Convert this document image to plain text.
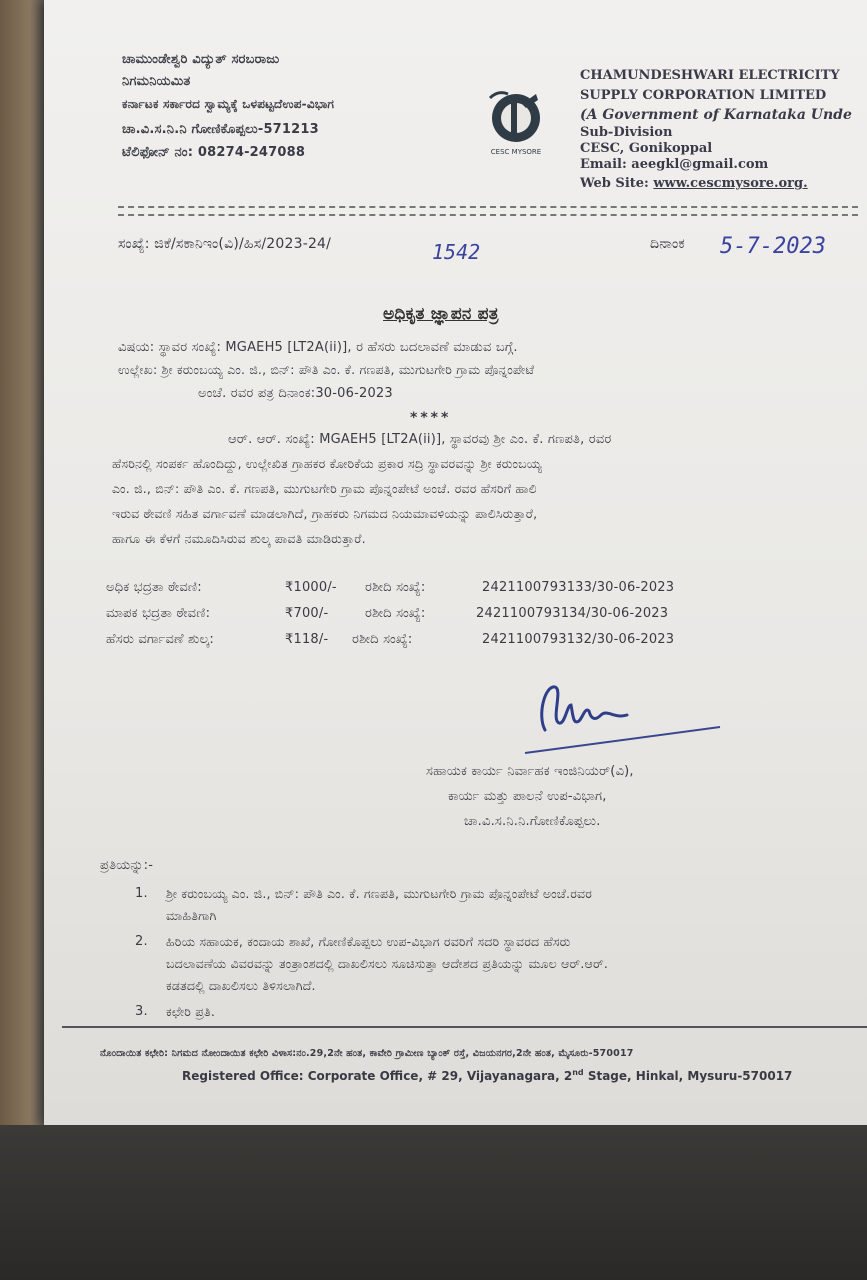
ಚಾಮುಂಡೇಶ್ವರಿ ವಿದ್ಯುತ್ ಸರಬರಾಜು
ನಿಗಮನಿಯಮಿತ
ಕರ್ನಾಟಕ ಸರ್ಕಾರದ ಸ್ವಾಮ್ಯಕ್ಕೆ ಒಳಪಟ್ಟದೆಉಪ-ವಿಭಾಗ
ಚಾ.ವಿ.ಸ.ನಿ.ನಿ ಗೋಣಿಕೊಪ್ಪಲು-571213
ಟೆಲಿಫೋನ್ ನಂ: 08274-247088	CESC MYSORE
CHAMUNDESHWARI ELECTRICITY
SUPPLY CORPORATION LIMITED
(A Government of Karnataka Unde
Sub-Division
CESC, Gonikoppal
Email: aeegkl@gmail.com
Web Site: www.cescmysore.org.
ಸಂಖ್ಯೆ: ಜಿಕೆ/ಸಕಾನಿಇಂ(ವಿ)/ಹಿಸ/2023-24/	1542	ದಿನಾಂಕ 5-7-2023
ಅಧಿಕೃತ ಜ್ಞಾಪನ ಪತ್ರ
ವಿಷಯ: ಸ್ಥಾವರ ಸಂಖ್ಯೆ: MGAEH5 [LT2A(ii)], ರ ಹೆಸರು ಬದಲಾವಣೆ ಮಾಡುವ ಬಗ್ಗೆ.
ಉಲ್ಲೇಖ: ಶ್ರೀ ಕರುಂಬಯ್ಯ ಎಂ. ಜಿ., ಬಿನ್: ಪೌತಿ ಎಂ. ಕೆ. ಗಣಪತಿ, ಮುಗುಟಗೇರಿ ಗ್ರಾಮ ಪೊನ್ನಂಪೇಟೆ
ಅಂಚೆ. ರವರ ಪತ್ರ ದಿನಾಂಕ:30-06-2023
****
ಆರ್. ಆರ್. ಸಂಖ್ಯೆ: MGAEH5 [LT2A(ii)], ಸ್ಥಾವರವು ಶ್ರೀ ಎಂ. ಕೆ. ಗಣಪತಿ, ರವರ
ಹೆಸರಿನಲ್ಲಿ ಸಂಪರ್ಕ ಹೊಂದಿದ್ದು, ಉಲ್ಲೇಖಿತ ಗ್ರಾಹಕರ ಕೋರಿಕೆಯ ಪ್ರಕಾರ ಸದ್ರಿ ಸ್ಥಾವರವನ್ನು ಶ್ರೀ ಕರುಂಬಯ್ಯ
ಎಂ. ಜಿ., ಬಿನ್: ಪೌತಿ ಎಂ. ಕೆ. ಗಣಪತಿ, ಮುಗುಟಗೇರಿ ಗ್ರಾಮ ಪೊನ್ನಂಪೇಟೆ ಅಂಚೆ. ರವರ ಹೆಸರಿಗೆ ಹಾಲಿ
ಇರುವ ಠೇವಣಿ ಸಹಿತ ವರ್ಗಾವಣೆ ಮಾಡಲಾಗಿದೆ, ಗ್ರಾಹಕರು ನಿಗಮದ ನಿಯಮಾವಳಿಯನ್ನು ಪಾಲಿಸಿರುತ್ತಾರೆ,
ಹಾಗೂ ಈ ಕೆಳಗೆ ನಮೂದಿಸಿರುವ ಶುಲ್ಕ ಪಾವತಿ ಮಾಡಿರುತ್ತಾರೆ.
ಅಧಿಕ ಭದ್ರತಾ ಠೇವಣಿ:	₹1000/- ರಶೀದಿ ಸಂಖ್ಯೆ:	2421100793133/30-06-2023
ಮಾಪಕ ಭದ್ರತಾ ಠೇವಣಿ:	₹700/-	ರಶೀದಿ ಸಂಖ್ಯೆ:	2421100793134/30-06-2023
ಹೆಸರು ವರ್ಗಾವಣೆ ಶುಲ್ಕ:	₹118/- ರಶೀದಿ ಸಂಖ್ಯೆ:	2421100793132/30-06-2023
ಸಹಾಯಕ ಕಾರ್ಯ ನಿರ್ವಾಹಕ ಇಂಜಿನಿಯರ್(ವಿ),
ಕಾರ್ಯ ಮತ್ತು ಪಾಲನೆ ಉಪ-ವಿಭಾಗ,
ಚಾ.ವಿ.ಸ.ನಿ.ನಿ.ಗೋಣಿಕೊಪ್ಪಲು.
ಪ್ರತಿಯನ್ನು:-
1. ಶ್ರೀ ಕರುಂಬಯ್ಯ ಎಂ. ಜಿ., ಬಿನ್: ಪೌತಿ ಎಂ. ಕೆ. ಗಣಪತಿ, ಮುಗುಟಗೇರಿ ಗ್ರಾಮ ಪೊನ್ನಂಪೇಟೆ ಅಂಚೆ.ರವರ
ಮಾಹಿತಿಗಾಗಿ
2. ಹಿರಿಯ ಸಹಾಯಕ, ಕಂದಾಯ ಶಾಖೆ, ಗೋಣಿಕೊಪ್ಪಲು ಉಪ-ವಿಭಾಗ ರವರಿಗೆ ಸದರಿ ಸ್ಥಾವರದ ಹೆಸರು
ಬದಲಾವಣೆಯ ವಿವರವನ್ನು ತಂತ್ರಾಂಶದಲ್ಲಿ ದಾಖಲಿಸಲು ಸೂಚಿಸುತ್ತಾ ಆದೇಶದ ಪ್ರತಿಯನ್ನು ಮೂಲ ಆರ್.ಆರ್.
ಕಡತದಲ್ಲಿ ದಾಖಲಿಸಲು ತಿಳಿಸಲಾಗಿದೆ.
3. ಕಛೇರಿ ಪ್ರತಿ.
ನೊಂದಾಯಿತ ಕಛೇರಿ: ನಿಗಮದ ನೋಂದಾಯಿತ ಕಛೇರಿ ವಿಳಾಸ:ನಂ.29,2ನೇ ಹಂತ, ಕಾವೇರಿ ಗ್ರಾಮೀಣ ಬ್ಯಾಂಕ್ ರಸ್ತೆ, ವಿಜಯನಗರ,2ನೇ ಹಂತ, ಮೈಸೂರು-570017
Registered Office: Corporate Office, # 29, Vijayanagara, 2nd Stage, Hinkal, Mysuru-570017
